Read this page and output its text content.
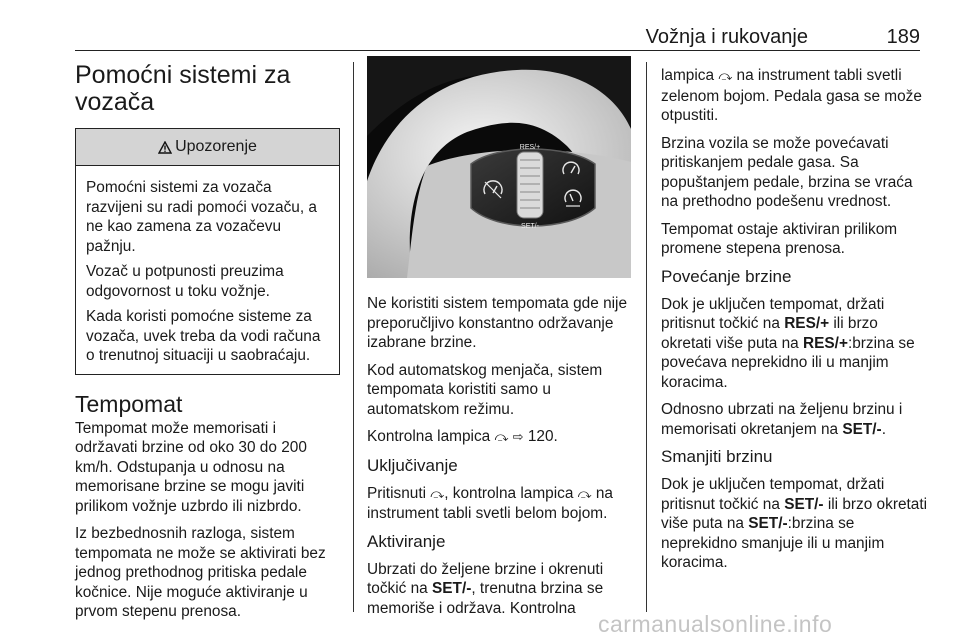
Vožnja i rukovanje	189
Pomoćni sistemi za vozača
Upozorenje

Pomoćni sistemi za vozača razvijeni su radi pomoći vozaču, a ne kao zamena za vozačevu pažnju.

Vozač u potpunosti preuzima odgovornost u toku vožnje.

Kada koristi pomoćne sisteme za vozača, uvek treba da vodi računa o trenutnoj situaciji u saobraćaju.

Tempomat

Tempomat može memorisati i održavati brzine od oko 30 do 200 km/h. Odstupanja u odnosu na memorisane brzine se mogu javiti prilikom vožnje uzbrdo ili nizbrdo.

Iz bezbednosnih razloga, sistem tempomata ne može se aktivirati bez jednog prethodnog pritiska pedale kočnice. Nije moguće aktiviranje u prvom stepenu prenosa.

RES/+
SET/-

Ne koristiti sistem tempomata gde nije preporučljivo konstantno održavanje izabrane brzine.

Kod automatskog menjača, sistem tempomata koristiti samo u automatskom režimu.

Kontrolna lampica ⤼ ⇨ 120.

Uključivanje

Pritisnuti ⤼, kontrolna lampica ⤼ na instrument tabli svetli belom bojom.

Aktiviranje

Ubrzati do željene brzine i okrenuti točkić na SET/-, trenutna brzina se memoriše i održava. Kontrolna

lampica ⤼ na instrument tabli svetli zelenom bojom. Pedala gasa se može otpustiti.

Brzina vozila se može povećavati pritiskanjem pedale gasa. Sa popuštanjem pedale, brzina se vraća na prethodno podešenu vrednost.

Tempomat ostaje aktiviran prilikom promene stepena prenosa.

Povećanje brzine

Dok je uključen tempomat, držati pritisnut točkić na RES/+ ili brzo okretati više puta na RES/+:brzina se povećava neprekidno ili u manjim koracima.

Odnosno ubrzati na željenu brzinu i memorisati okretanjem na SET/-.

Smanjiti brzinu

Dok je uključen tempomat, držati pritisnut točkić na SET/- ili brzo okretati više puta na SET/-:brzina se neprekidno smanjuje ili u manjim koracima.

carmanualsonline.info
